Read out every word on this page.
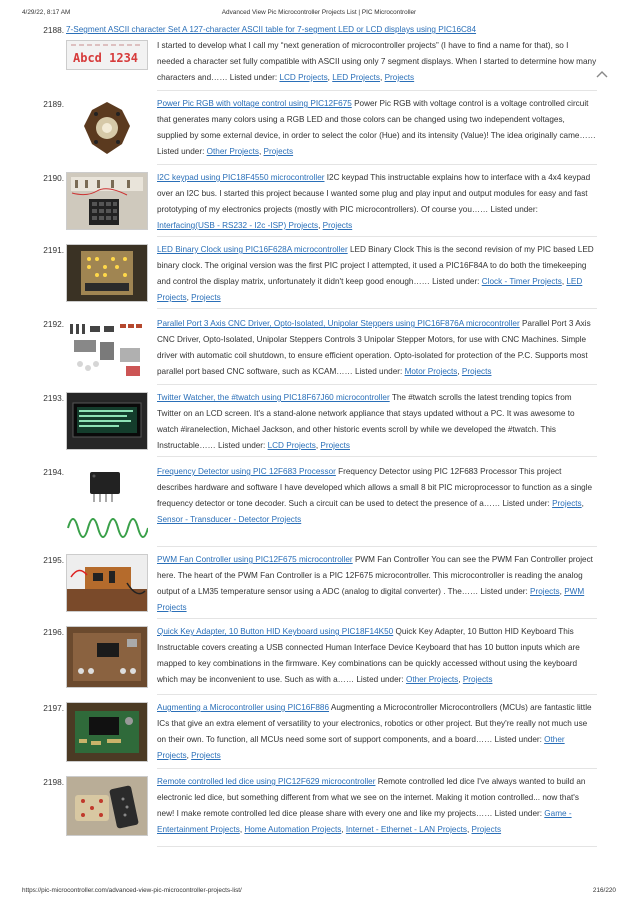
4/29/22, 8:17 AM	Advanced View Pic Microcontroller Projects List | PIC Microcontroller
2188.
Abcd 1234
7-Segment ASCII character Set A 127-character ASCII table for 7-segment LED or LCD displays using PIC16C84
I started to develop what I call my “next generation of microcontroller projects” (I have to find a name for that), so I needed a character set fully compatible with ASCII using only 7 segment displays. When I started to determine how many characters and…… Listed under: LCD Projects, LED Projects, Projects
2189.	Power Pic RGB with voltage control using PIC12F675 Power Pic RGB with voltage control is a voltage controlled circuit that generates many colors using a RGB LED and those colors can be changed using two independent voltages, supplied by some external device, in order to select the color (Hue) and its intensity (Value)! The idea originally came…… Listed under: Other Projects, Projects
2190.	I2C keypad using PIC18F4550 microcontroller I2C keypad This instructable explains how to interface with a 4x4 keypad over an I2C bus. I started this project because I wanted some plug and play input and output modules for easy and fast prototyping of my electronics projects (mostly with PIC microcontrollers). Of course you…… Listed under: Interfacing(USB - RS232 - I2c -ISP) Projects, Projects
2191.	LED Binary Clock using PIC16F628A microcontroller LED Binary Clock This is the second revision of my PIC based LED binary clock. The original version was the first PIC project I attempted, it used a PIC16F84A to do both the timekeeping and control the display matrix, unfortunately it didn't keep good enough…… Listed under: Clock - Timer Projects, LED Projects, Projects
2192.	Parallel Port 3 Axis CNC Driver, Opto-Isolated, Unipolar Steppers using PIC16F876A microcontroller Parallel Port 3 Axis CNC Driver, Opto-Isolated, Unipolar Steppers Controls 3 Unipolar Stepper Motors, for use with CNC Machines. Simple driver with automatic coil shutdown, to ensure efficient operation. Opto-isolated for protection of the P.C. Supports most parallel port based CNC software, such as KCAM…… Listed under: Motor Projects, Projects
2193.	Twitter Watcher, the #twatch using PIC18F67J60 microcontroller The #twatch scrolls the latest trending topics from Twitter on an LCD screen. It's a stand-alone network appliance that stays updated without a PC. It was awesome to watch #iranelection, Michael Jackson, and other historic events scroll by while we developed the #twatch. This Instructable…… Listed under: LCD Projects, Projects
2194.	Frequency Detector using PIC 12F683 Processor Frequency Detector using PIC 12F683 Processor This project describes hardware and software I have developed which allows a small 8 bit PIC microprocessor to function as a single frequency detector or tone decoder. Such a circuit can be used to detect the presence of a…… Listed under: Projects, Sensor - Transducer - Detector Projects
2195.	PWM Fan Controller using PIC12F675 microcontroller PWM Fan Controller You can see the PWM Fan Controller project here. The heart of the PWM Fan Controller is a PIC 12F675 microcontroller. This microcontroller is reading the analog output of a LM35 temperature sensor using a ADC (analog to digital converter) . The…… Listed under: Projects, PWM Projects
2196.	Quick Key Adapter, 10 Button HID Keyboard using PIC18F14K50 Quick Key Adapter, 10 Button HID Keyboard This Instructable covers creating a USB connected Human Interface Device Keyboard that has 10 button inputs which are mapped to key combinations in the firmware. Key combinations can be quickly accessed without using the keyboard which may be inconvenient to use. Such as with a…… Listed under: Other Projects, Projects
2197.	Augmenting a Microcontroller using PIC16F886 Augmenting a Microcontroller Microcontrollers (MCUs) are fantastic little ICs that give an extra element of versatility to your electronics, robotics or other project. But they're really not much use on their own. To function, all MCUs need some sort of support components, and a board…… Listed under: Other Projects, Projects
2198.	Remote controlled led dice using PIC12F629 microcontroller Remote controlled led dice I've always wanted to build an electronic led dice, but something different from what we see on the internet. Making it motion controlled... now that's new! I make remote controlled led dice please share with every one and like my projects…… Listed under: Game - Entertainment Projects, Home Automation Projects, Internet - Ethernet - LAN Projects, Projects
https://pic-microcontroller.com/advanced-view-pic-microcontroller-projects-list/	216/220
